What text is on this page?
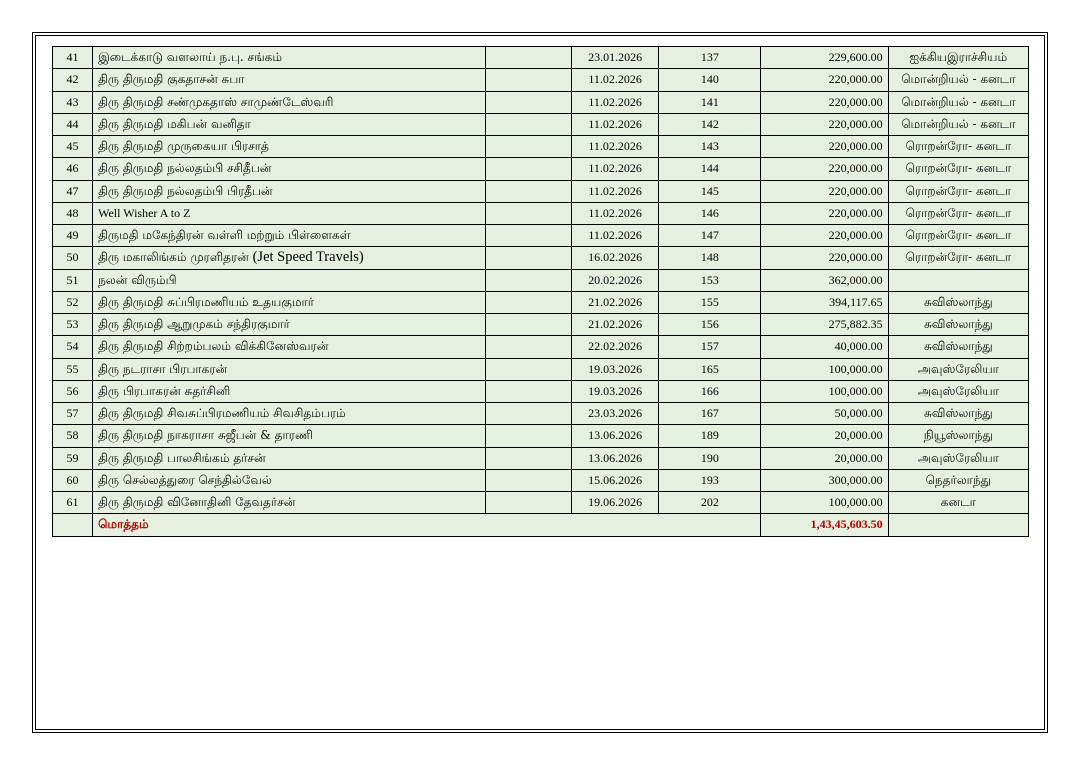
41	இடைக்காடு வளலாய் ந.பு. சங்கம்		23.01.2026	137	229,600.00	ஐக்கியஇராச்சியம்
42	திரு திருமதி குகதாசன் சுபா		11.02.2026	140	220,000.00	மொன்றியல் - கனடா
43	திரு திருமதி சண்முகதாஸ் சாமுண்டேஸ்வரி		11.02.2026	141	220,000.00	மொன்றியல் - கனடா
44	திரு திருமதி மகிபன் வனிதா		11.02.2026	142	220,000.00	மொன்றியல் - கனடா
45	திரு திருமதி முருகையா பிரசாத்		11.02.2026	143	220,000.00	ரொறன்ரோ- கனடா
46	திரு திருமதி நல்லதம்பி சசிதீபன்		11.02.2026	144	220,000.00	ரொறன்ரோ- கனடா
47	திரு திருமதி நல்லதம்பி பிரதீபன்		11.02.2026	145	220,000.00	ரொறன்ரோ- கனடா
48	Well Wisher A to Z		11.02.2026	146	220,000.00	ரொறன்ரோ- கனடா
49	திருமதி மகேந்திரன் வள்ளி மற்றும் பிள்ளைகள்		11.02.2026	147	220,000.00	ரொறன்ரோ- கனடா
50	திரு மகாலிங்கம் முரளிதரன் (Jet Speed Travels)		16.02.2026	148	220,000.00	ரொறன்ரோ- கனடா
51	நலன் விரும்பி		20.02.2026	153	362,000.00	
52	திரு திருமதி சுப்பிரமணியம் உதயகுமார்		21.02.2026	155	394,117.65	சுவிஸ்லாந்து
53	திரு திருமதி ஆறுமுகம் சந்திரகுமார்		21.02.2026	156	275,882.35	சுவிஸ்லாந்து
54	திரு திருமதி சிற்றம்பலம் விக்கினேஸ்வரன்		22.02.2026	157	40,000.00	சுவிஸ்லாந்து
55	திரு நடராசா பிரபாகரன்		19.03.2026	165	100,000.00	அவுஸ்ரேலியா
56	திரு பிரபாகரன் சுதர்சினி		19.03.2026	166	100,000.00	அவுஸ்ரேலியா
57	திரு திருமதி சிவசுப்பிரமணியம் சிவசிதம்பரம்		23.03.2026	167	50,000.00	சுவிஸ்லாந்து
58	திரு திருமதி நாகராசா சுஜீபன் & தாரணி		13.06.2026	189	20,000.00	நியூஸ்லாந்து
59	திரு திருமதி பாலசிங்கம் தர்சன்		13.06.2026	190	20,000.00	அவுஸ்ரேலியா
60	திரு செல்லத்துரை செந்தில்வேல்		15.06.2026	193	300,000.00	நெதர்லாந்து
61	திரு திருமதி வினோதினி தேவதர்சன்		19.06.2026	202	100,000.00	கனடா
	மொத்தம்				1,43,45,603.50	
